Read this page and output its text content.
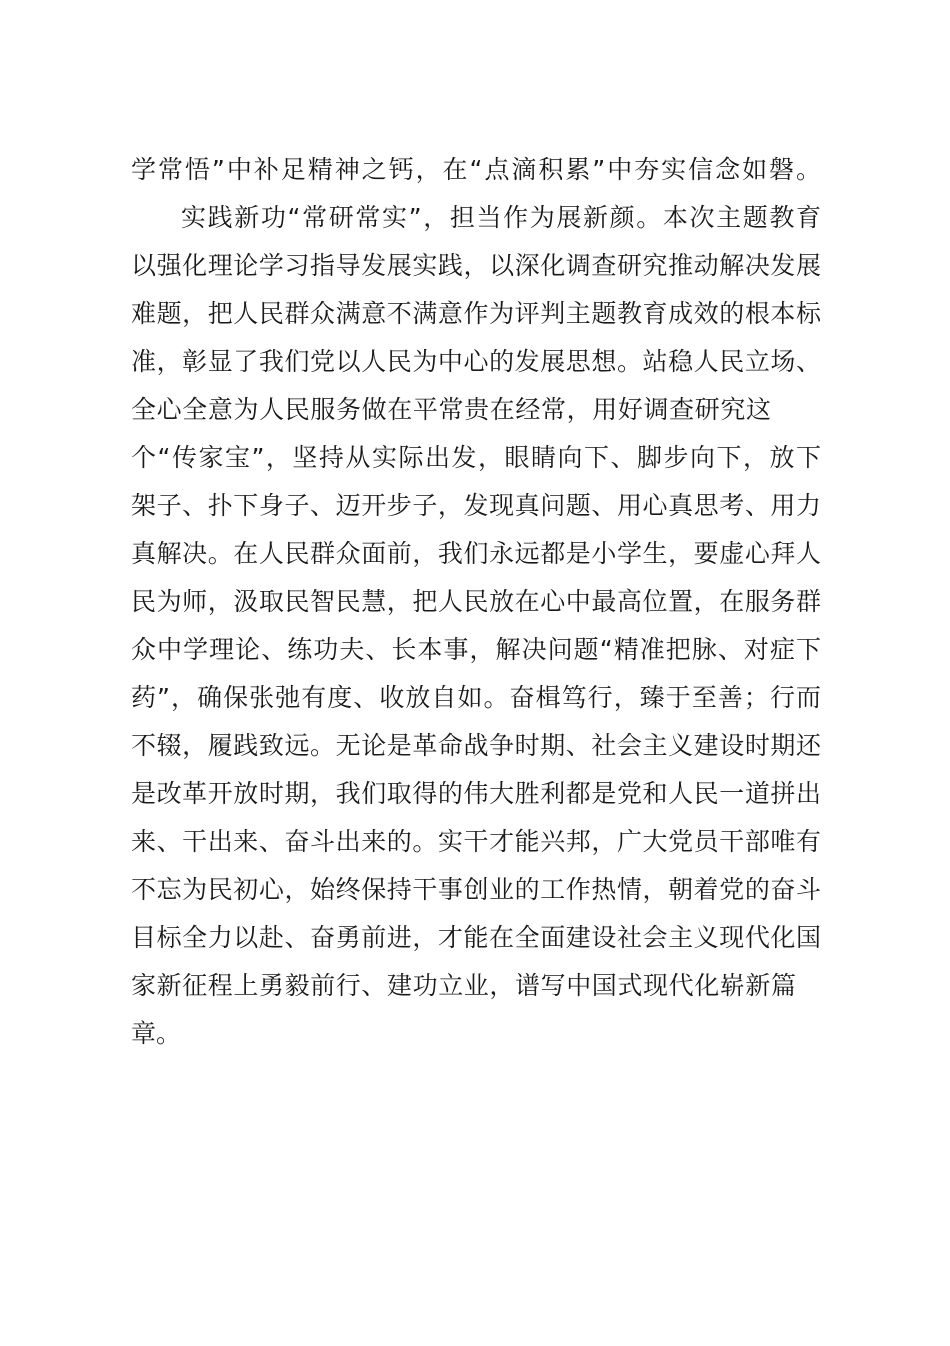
学常悟”中补足精神之钙，在“点滴积累”中夯实信念如磐。
实践新功“常研常实”，担当作为展新颜。本次主题教育
以强化理论学习指导发展实践，以深化调查研究推动解决发展
难题，把人民群众满意不满意作为评判主题教育成效的根本标
准，彰显了我们党以人民为中心的发展思想。站稳人民立场、
全心全意为人民服务做在平常贵在经常，用好调查研究这
个“传家宝”，坚持从实际出发，眼睛向下、脚步向下，放下
架子、扑下身子、迈开步子，发现真问题、用心真思考、用力
真解决。在人民群众面前，我们永远都是小学生，要虚心拜人
民为师，汲取民智民慧，把人民放在心中最高位置，在服务群
众中学理论、练功夫、长本事，解决问题“精准把脉、对症下
药”，确保张弛有度、收放自如。奋楫笃行，臻于至善；行而
不辍，履践致远。无论是革命战争时期、社会主义建设时期还
是改革开放时期，我们取得的伟大胜利都是党和人民一道拼出
来、干出来、奋斗出来的。实干才能兴邦，广大党员干部唯有
不忘为民初心，始终保持干事创业的工作热情，朝着党的奋斗
目标全力以赴、奋勇前进，才能在全面建设社会主义现代化国
家新征程上勇毅前行、建功立业，谱写中国式现代化崭新篇
章。
